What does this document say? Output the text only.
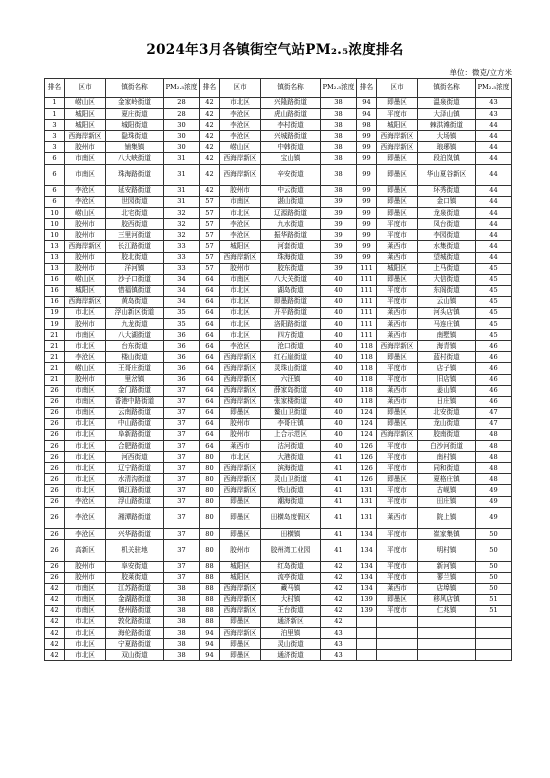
2024年3月各镇街空气站PM₂.₅浓度排名
单位：微克/立方米
排名	区市	镇街名称	PM₂.₅浓度	排名	区市	镇街名称	PM₂.₅浓度	排名	区市	镇街名称	PM₂.₅浓度
1	崂山区	金家岭街道	28	42	市北区	兴隆路街道	38	94	即墨区	温泉街道	43
1	城阳区	夏庄街道	28	42	李沧区	虎山路街道	38	94	平度市	大泽山镇	43
3	城阳区	城阳街道	30	42	李沧区	李村街道	38	98	城阳区	棘洪滩街道	44
3	西海岸新区	隐珠街道	30	42	李沧区	兴城路街道	38	99	西海岸新区	大场镇	44
3	胶州市	铺集镇	30	42	崂山区	中韩街道	38	99	西海岸新区	琅琊镇	44
6	市南区	八大峡街道	31	42	西海岸新区	宝山镇	38	99	即墨区	段泊岚镇	44
6	市南区	珠海路街道	31	42	西海岸新区	辛安街道	38	99	即墨区	华山夏谷新区	44
6	李沧区	延安路街道	31	42	胶州市	中云街道	38	99	即墨区	环秀街道	44
6	李沧区	世园街道	31	57	市南区	湛山街道	39	99	即墨区	金口镇	44
10	崂山区	北宅街道	32	57	市北区	辽源路街道	39	99	即墨区	龙泉街道	44
10	胶州市	胶西街道	32	57	李沧区	九水街道	39	99	平度市	凤台街道	44
10	胶州市	三里河街道	32	57	李沧区	振华路街道	39	99	平度市	李园街道	44
13	西海岸新区	长江路街道	33	57	城阳区	河套街道	39	99	莱西市	水集街道	44
13	胶州市	胶北街道	33	57	西海岸新区	珠海街道	39	99	莱西市	望城街道	44
13	胶州市	洋河镇	33	57	胶州市	胶东街道	39	111	城阳区	上马街道	45
16	崂山区	沙子口街道	34	64	市南区	八大关街道	40	111	即墨区	大信街道	45
16	城阳区	惜福镇街道	34	64	市北区	湖岛街道	40	111	平度市	东阁街道	45
16	西海岸新区	黄岛街道	34	64	市北区	即墨路街道	40	111	平度市	云山镇	45
19	市北区	浮山新区街道	35	64	市北区	开平路街道	40	111	莱西市	河头店镇	45
19	胶州市	九龙街道	35	64	市北区	洛阳路街道	40	111	莱西市	马连庄镇	45
21	市南区	八大湖街道	36	64	市北区	四方街道	40	111	莱西市	南墅镇	45
21	市北区	台东街道	36	64	李沧区	沧口街道	40	118	西海岸新区	海青镇	46
21	李沧区	楼山街道	36	64	西海岸新区	红石崖街道	40	118	即墨区	蓝村街道	46
21	崂山区	王哥庄街道	36	64	西海岸新区	灵珠山街道	40	118	平度市	店子镇	46
21	胶州市	里岔镇	36	64	西海岸新区	六汪镇	40	118	平度市	旧店镇	46
26	市南区	金门路街道	37	64	西海岸新区	薛家岛街道	40	118	莱西市	姜山镇	46
26	市南区	香港中路街道	37	64	西海岸新区	张家楼街道	40	118	莱西市	日庄镇	46
26	市南区	云南路街道	37	64	即墨区	鳌山卫街道	40	124	即墨区	北安街道	47
26	市北区	中山路街道	37	64	胶州市	李哥庄镇	40	124	即墨区	龙山街道	47
26	市北区	阜新路街道	37	64	胶州市	上合示范区	40	124	西海岸新区	胶南街道	48
26	市北区	合肥路街道	37	64	莱西市	沽河街道	40	126	平度市	白沙河街道	48
26	市北区	河西街道	37	80	市北区	大港街道	41	126	平度市	南村镇	48
26	市北区	辽宁路街道	37	80	西海岸新区	滨海街道	41	126	平度市	同和街道	48
26	市北区	水清沟街道	37	80	西海岸新区	灵山卫街道	41	126	即墨区	夏格庄镇	48
26	市北区	镇江路街道	37	80	西海岸新区	铁山街道	41	131	平度市	古岘镇	49
26	李沧区	浮山路街道	37	80	即墨区	潮海街道	41	131	平度市	田庄镇	49
26	李沧区	湘潭路街道	37	80	即墨区	田横岛度假区	41	131	莱西市	院上镇	49
26	李沧区	兴华路街道	37	80	即墨区	田横镇	41	134	平度市	崔家集镇	50
26	高新区	机关驻地	37	80	胶州市	胶州湾工业园	41	134	平度市	明村镇	50
26	胶州市	阜安街道	37	88	城阳区	红岛街道	42	134	平度市	新河镇	50
26	胶州市	胶莱街道	37	88	城阳区	流亭街道	42	134	平度市	蓼兰镇	50
42	市南区	江苏路街道	38	88	西海岸新区	藏马镇	42	134	莱西市	店埠镇	50
42	市南区	金湖路街道	38	88	西海岸新区	大村镇	42	139	即墨区	移风店镇	51
42	市南区	登州路街道	38	88	西海岸新区	王台街道	42	139	平度市	仁兆镇	51
42	市北区	敦化路街道	38	88	即墨区	通济新区	42				
42	市北区	海伦路街道	38	94	西海岸新区	泊里镇	43				
42	市北区	宁夏路街道	38	94	即墨区	灵山街道	43				
42	市北区	双山街道	38	94	即墨区	通济街道	43				
